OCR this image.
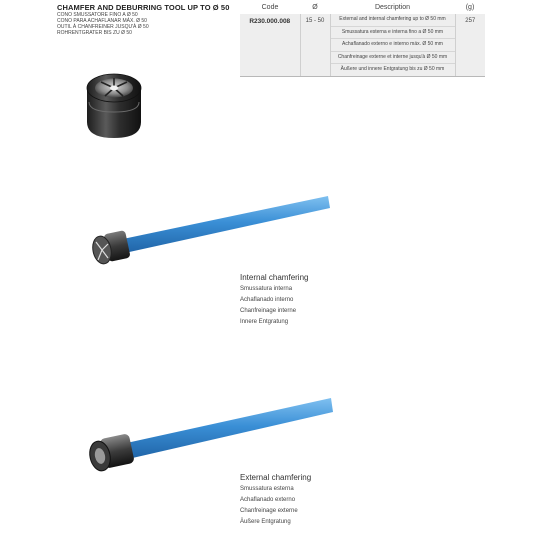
CHAMFER AND DEBURRING TOOL UP TO Ø 50
CONO SMUSSATORE FINO A Ø 50
CONO PARA ACHAFLANAR MÁX. Ø 50
OUTIL À CHANFREINER JUSQU'À Ø 50
ROHRENTGRATER BIS ZU Ø 50
Code	Ø	Description	(g)
R230.000.008	15 - 50	External and internal chamfering up to Ø 50 mm
Smussatura esterna e interna fino a Ø 50 mm
Achaflanado externo e interno máx. Ø 50 mm
Chanfreinage externe et interne jusqu'à Ø 50 mm
Äußere und innere Entgratung bis zu Ø 50 mm	257
Internal chamfering
Smussatura interna
Achaflanado interno
Chanfreinage interne
Innere Entgratung
External chamfering
Smussatura esterna
Achaflanado externo
Chanfreinage externe
Äußere Entgratung
